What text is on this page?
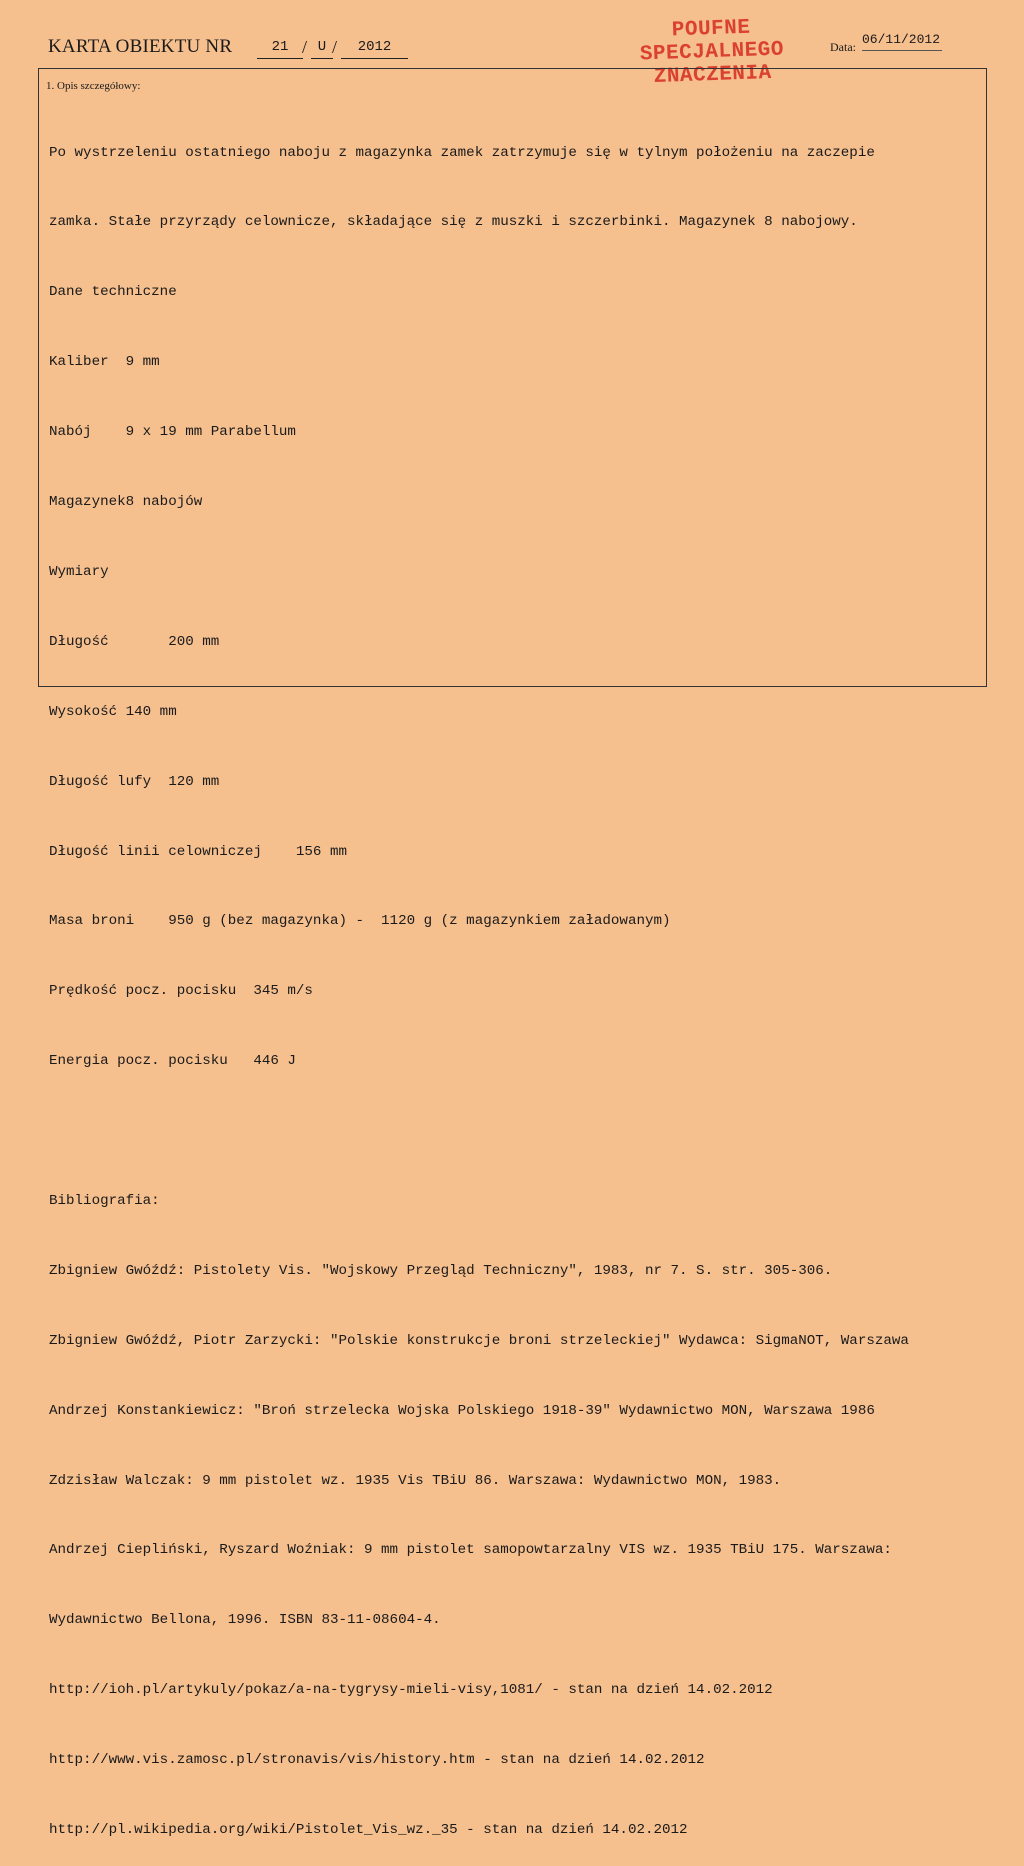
KARTA OBIEKTU NR	21 / U /	2012
POUFNE
SPECJALNEGO
ZNACZENIA
Data: 06/11/2012
1. Opis szczegółowy:

Po wystrzeleniu ostatniego naboju z magazynka zamek zatrzymuje się w tylnym położeniu na zaczepie

zamka. Stałe przyrządy celownicze, składające się z muszki i szczerbinki. Magazynek 8 nabojowy.

Dane techniczne

Kaliber  9 mm

Nabój    9 x 19 mm Parabellum

Magazynek8 nabojów

Wymiary

Długość       200 mm

Wysokość 140 mm

Długość lufy  120 mm

Długość linii celowniczej    156 mm

Masa broni    950 g (bez magazynka) -  1120 g (z magazynkiem załadowanym)

Prędkość pocz. pocisku  345 m/s

Energia pocz. pocisku   446 J

Bibliografia:

Zbigniew Gwóźdź: Pistolety Vis. "Wojskowy Przegląd Techniczny", 1983, nr 7. S. str. 305-306.

Zbigniew Gwóźdź, Piotr Zarzycki: "Polskie konstrukcje broni strzeleckiej" Wydawca: SigmaNOT, Warszawa

Andrzej Konstankiewicz: "Broń strzelecka Wojska Polskiego 1918-39" Wydawnictwo MON, Warszawa 1986

Zdzisław Walczak: 9 mm pistolet wz. 1935 Vis TBiU 86. Warszawa: Wydawnictwo MON, 1983.

Andrzej Ciepliński, Ryszard Woźniak: 9 mm pistolet samopowtarzalny VIS wz. 1935 TBiU 175. Warszawa:

Wydawnictwo Bellona, 1996. ISBN 83-11-08604-4.

http://ioh.pl/artykuly/pokaz/a-na-tygrysy-mieli-visy,1081/ - stan na dzień 14.02.2012

http://www.vis.zamosc.pl/stronavis/vis/history.htm - stan na dzień 14.02.2012

http://pl.wikipedia.org/wiki/Pistolet_Vis_wz._35 - stan na dzień 14.02.2012
